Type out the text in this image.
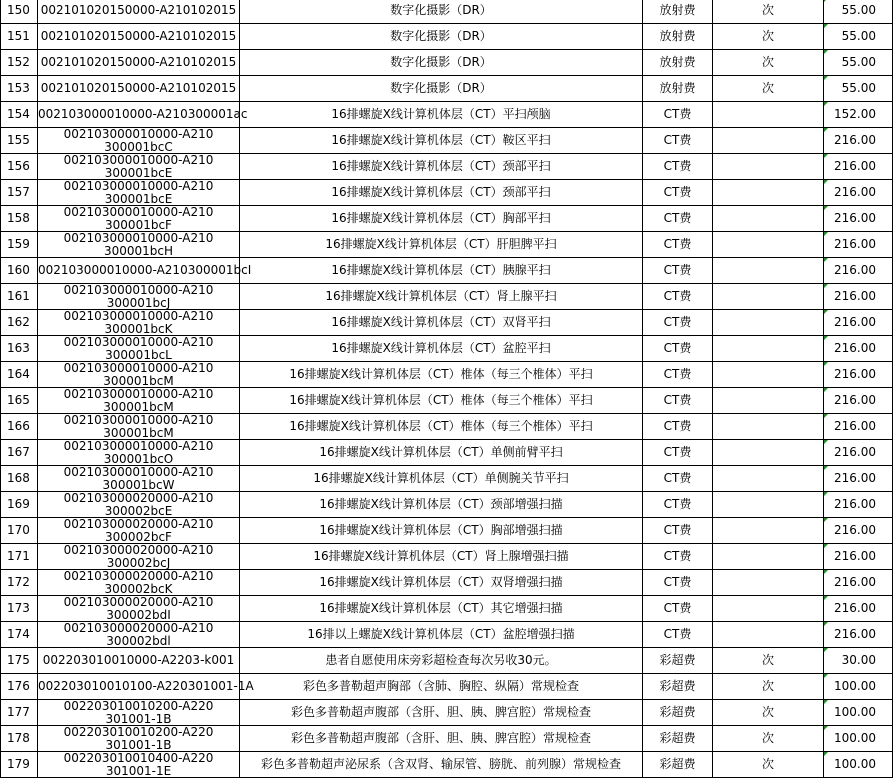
150	002101020150000-A210102015	数字化摄影（DR）	放射费	次	55.00
151	002101020150000-A210102015	数字化摄影（DR）	放射费	次	55.00
152	002101020150000-A210102015	数字化摄影（DR）	放射费	次	55.00
153	002101020150000-A210102015	数字化摄影（DR）	放射费	次	55.00
154	002103000010000-A210300001ac	16排螺旋X线计算机体层（CT）平扫颅脑	CT费		152.00
155	002103000010000-A210300001bcC	16排螺旋X线计算机体层（CT）鞍区平扫	CT费		216.00
156	002103000010000-A210300001bcE	16排螺旋X线计算机体层（CT）颈部平扫	CT费		216.00
157	002103000010000-A210300001bcE	16排螺旋X线计算机体层（CT）颈部平扫	CT费		216.00
158	002103000010000-A210300001bcF	16排螺旋X线计算机体层（CT）胸部平扫	CT费		216.00
159	002103000010000-A210300001bcH	16排螺旋X线计算机体层（CT）肝胆脾平扫	CT费		216.00
160	002103000010000-A210300001bcI	16排螺旋X线计算机体层（CT）胰腺平扫	CT费		216.00
161	002103000010000-A210300001bcJ	16排螺旋X线计算机体层（CT）肾上腺平扫	CT费		216.00
162	002103000010000-A210300001bcK	16排螺旋X线计算机体层（CT）双肾平扫	CT费		216.00
163	002103000010000-A210300001bcL	16排螺旋X线计算机体层（CT）盆腔平扫	CT费		216.00
164	002103000010000-A210300001bcM	16排螺旋X线计算机体层（CT）椎体（每三个椎体）平扫	CT费		216.00
165	002103000010000-A210300001bcM	16排螺旋X线计算机体层（CT）椎体（每三个椎体）平扫	CT费		216.00
166	002103000010000-A210300001bcM	16排螺旋X线计算机体层（CT）椎体（每三个椎体）平扫	CT费		216.00
167	002103000010000-A210300001bcO	16排螺旋X线计算机体层（CT）单侧前臂平扫	CT费		216.00
168	002103000010000-A210300001bcW	16排螺旋X线计算机体层（CT）单侧腕关节平扫	CT费		216.00
169	002103000020000-A210300002bcE	16排螺旋X线计算机体层（CT）颈部增强扫描	CT费		216.00
170	002103000020000-A210300002bcF	16排螺旋X线计算机体层（CT）胸部增强扫描	CT费		216.00
171	002103000020000-A210300002bcJ	16排螺旋X线计算机体层（CT）肾上腺增强扫描	CT费		216.00
172	002103000020000-A210300002bcK	16排螺旋X线计算机体层（CT）双肾增强扫描	CT费		216.00
173	002103000020000-A210300002bdI	16排螺旋X线计算机体层（CT）其它增强扫描	CT费		216.00
174	002103000020000-A210300002bdl	16排以上螺旋X线计算机体层（CT）盆腔增强扫描	CT费		216.00
175	002203010010000-A2203-k001	患者自愿使用床旁彩超检查每次另收30元。	彩超费	次	30.00
176	002203010010100-A220301001-1A	彩色多普勒超声胸部（含肺、胸腔、纵隔）常规检查	彩超费	次	100.00
177	002203010010200-A220301001-1B	彩色多普勒超声腹部（含肝、胆、胰、脾宫腔）常规检查	彩超费	次	100.00
178	002203010010200-A220301001-1B	彩色多普勒超声腹部（含肝、胆、胰、脾宫腔）常规检查	彩超费	次	100.00
179	002203010010400-A220301001-1E	彩色多普勒超声泌尿系（含双肾、输尿管、膀胱、前列腺）常规检查	彩超费	次	100.00
